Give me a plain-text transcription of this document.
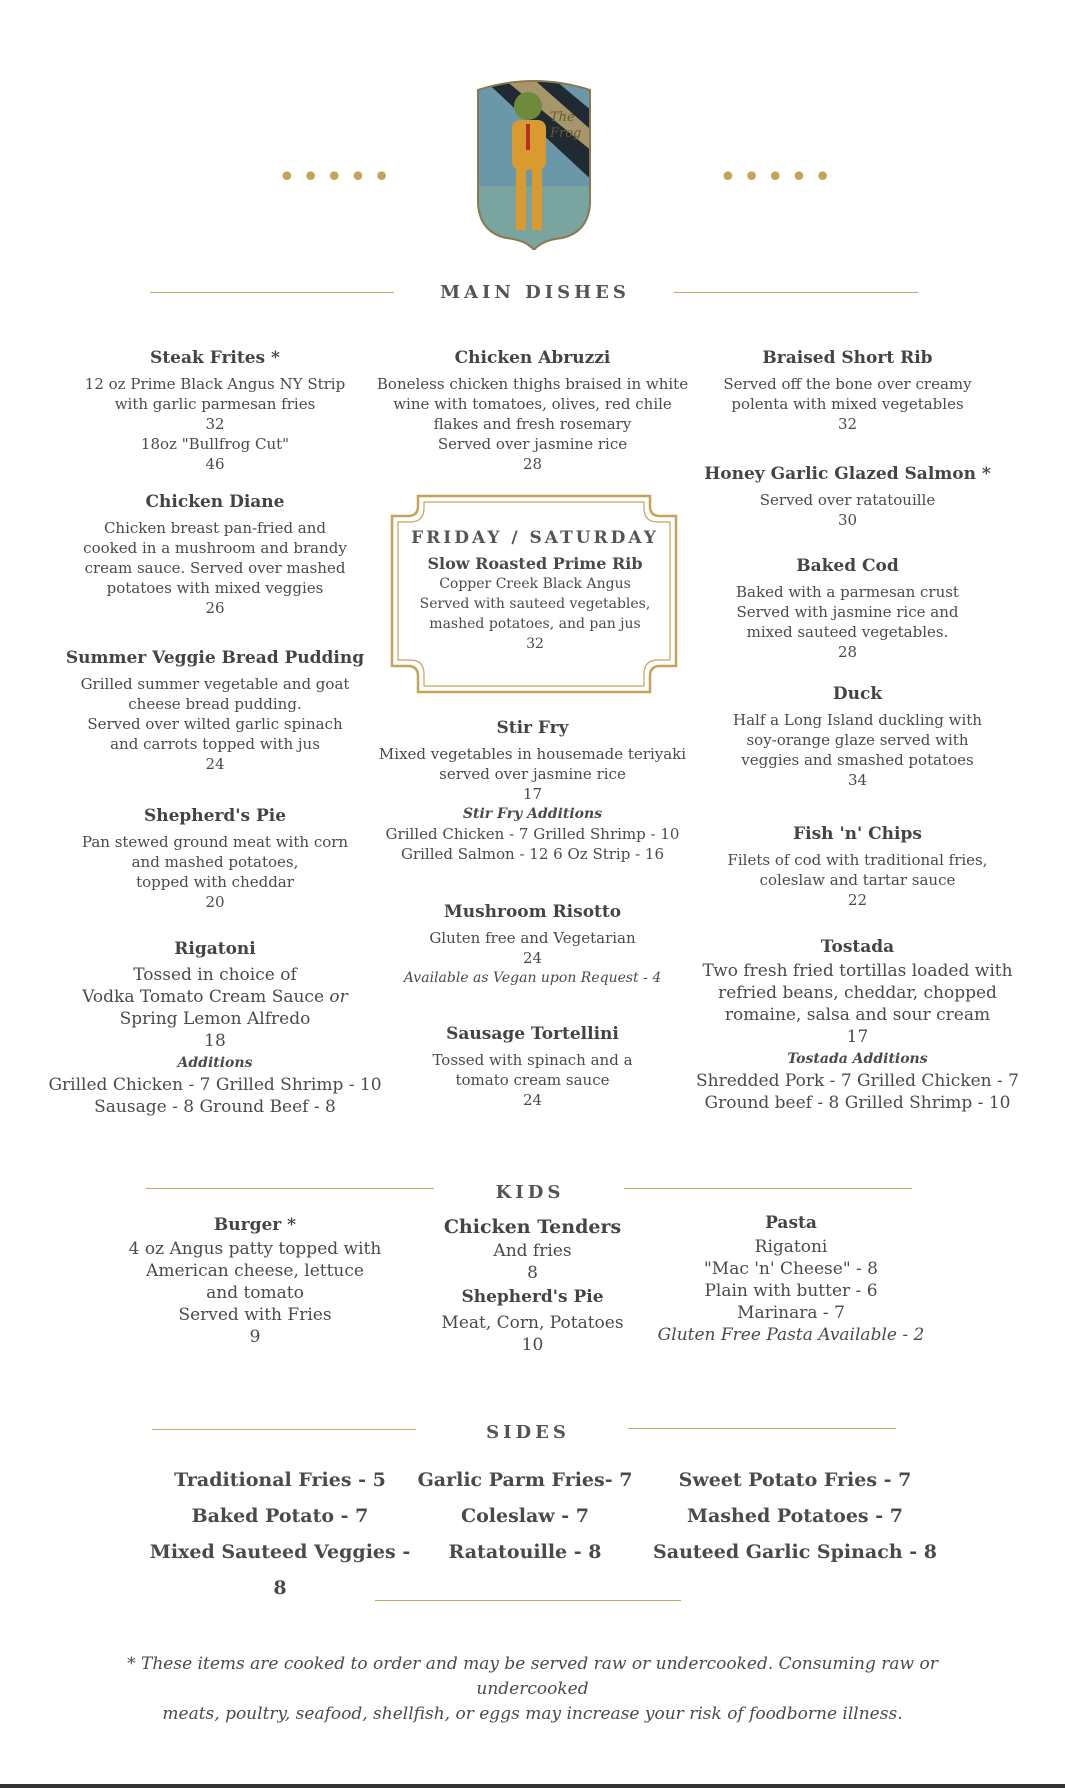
•••••	•••••
The Frog
MAIN DISHES
Steak Frites *
12 oz Prime Black Angus NY Strip
with garlic parmesan fries
32
18oz "Bullfrog Cut"
46
Chicken Diane
Chicken breast pan-fried and
cooked in a mushroom and brandy
cream sauce. Served over mashed
potatoes with mixed veggies
26
Summer Veggie Bread Pudding
Grilled summer vegetable and goat
cheese bread pudding.
Served over wilted garlic spinach
and carrots topped with jus
24
Shepherd's Pie
Pan stewed ground meat with corn
and mashed potatoes,
topped with cheddar
20
Rigatoni
Tossed in choice of
Vodka Tomato Cream Sauce or
Spring Lemon Alfredo
18
Additions
Grilled Chicken - 7 Grilled Shrimp - 10
Sausage - 8 Ground Beef - 8
Chicken Abruzzi
Boneless chicken thighs braised in white
wine with tomatoes, olives, red chile
flakes and fresh rosemary
Served over jasmine rice
28
FRIDAY / SATURDAY
Slow Roasted Prime Rib
Copper Creek Black Angus
Served with sauteed vegetables,
mashed potatoes, and pan jus
32
Stir Fry
Mixed vegetables in housemade teriyaki
served over jasmine rice
17
Stir Fry Additions
Grilled Chicken - 7 Grilled Shrimp - 10
Grilled Salmon - 12 6 Oz Strip - 16
Mushroom Risotto
Gluten free and Vegetarian
24
Available as Vegan upon Request - 4
Sausage Tortellini
Tossed with spinach and a
tomato cream sauce
24
Braised Short Rib
Served off the bone over creamy
polenta with mixed vegetables
32
Honey Garlic Glazed Salmon *
Served over ratatouille
30
Baked Cod
Baked with a parmesan crust
Served with jasmine rice and
mixed sauteed vegetables.
28
Duck
Half a Long Island duckling with
soy-orange glaze served with
veggies and smashed potatoes
34
Fish 'n' Chips
Filets of cod with traditional fries,
coleslaw and tartar sauce
22
Tostada
Two fresh fried tortillas loaded with
refried beans, cheddar, chopped
romaine, salsa and sour cream
17
Tostada Additions
Shredded Pork - 7 Grilled Chicken - 7
Ground beef - 8 Grilled Shrimp - 10
KIDS
Burger *
4 oz Angus patty topped with
American cheese, lettuce
and tomato
Served with Fries
9
Chicken Tenders
And fries
8
Shepherd's Pie
Meat, Corn, Potatoes
10
Pasta
Rigatoni
"Mac 'n' Cheese" - 8
Plain with butter - 6
Marinara - 7
Gluten Free Pasta Available - 2
SIDES
Traditional Fries - 5
Baked Potato - 7
Mixed Sauteed Veggies - 8
Garlic Parm Fries- 7
Coleslaw - 7
Ratatouille - 8
Sweet Potato Fries - 7
Mashed Potatoes - 7
Sauteed Garlic Spinach - 8
* These items are cooked to order and may be served raw or undercooked. Consuming raw or undercooked
meats, poultry, seafood, shellfish, or eggs may increase your risk of foodborne illness.
